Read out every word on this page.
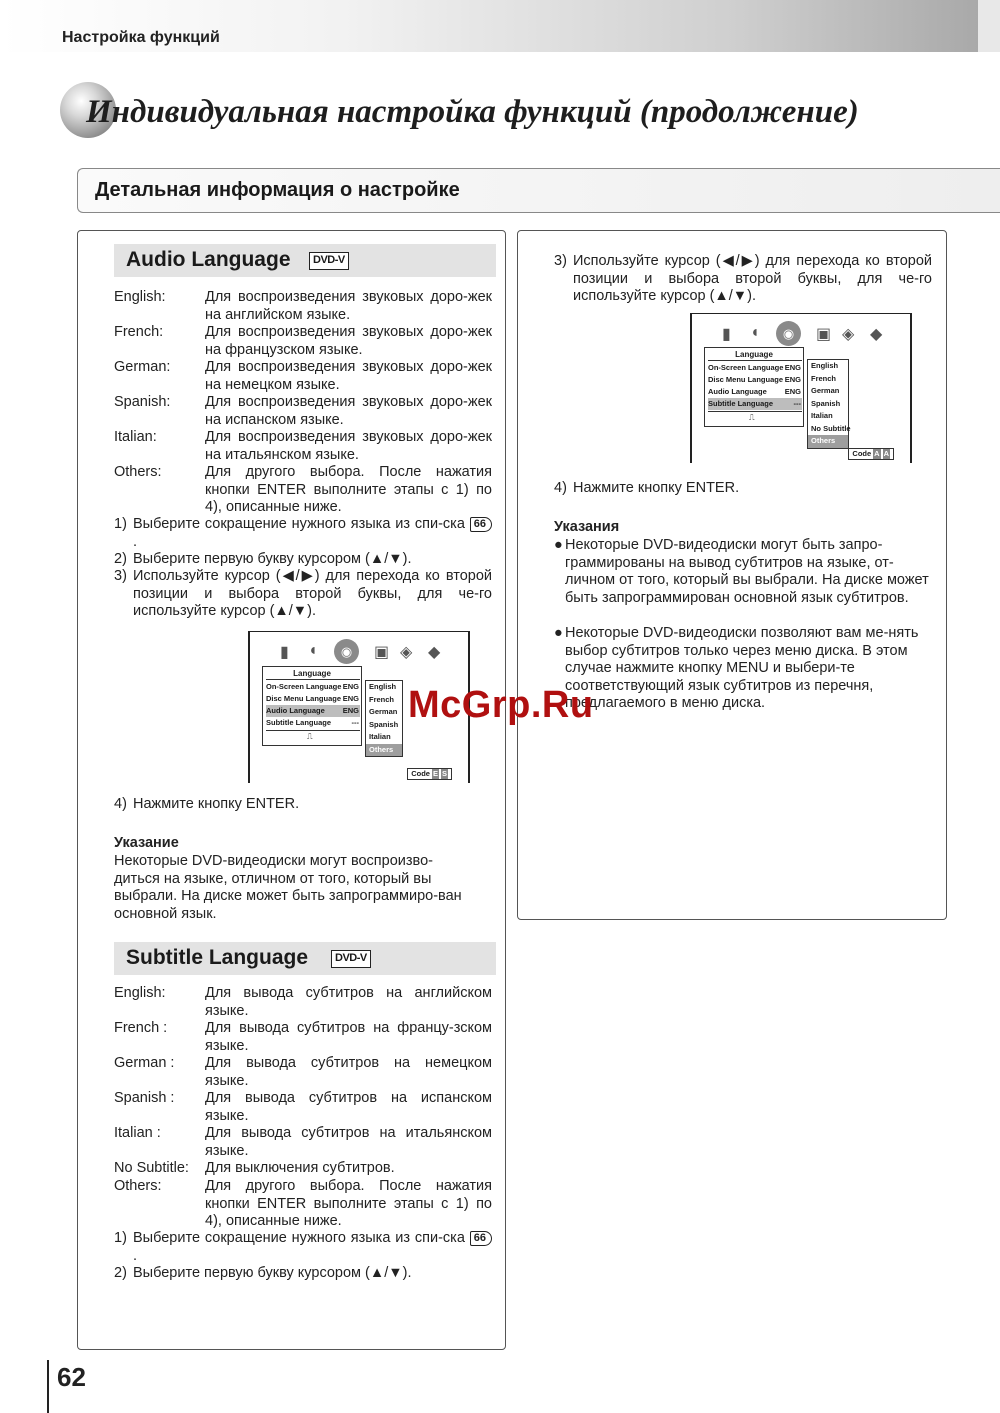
Настройка функций
Индивидуальная настройка функций (продолжение)
Детальная информация о настройке
Audio Language	DVD-V
English:	Для воспроизведения звуковых доро-жек на английском языке.
French:	Для воспроизведения звуковых доро-жек на французском языке.
German: Для воспроизведения звуковых доро-жек на немецком языке.
Spanish: Для воспроизведения звуковых доро-жек на испанском языке.
Italian:	Для воспроизведения звуковых доро-жек на итальянском языке.
Others:	Для другого выбора. После нажатия кнопки ENTER выполните этапы с 1) по 4), описанные ниже.
1) Выберите сокращение нужного языка из спи-ска 66 .
2) Выберите первую букву курсором (▲/▼).
3) Используйте курсор (◀/▶) для перехода ко второй позиции и выбора второй буквы, для че-го используйте курсор (▲/▼).
▮ ◖	◉	▣ ◈ ◆
Language
On-Screen Language ENG
Disc Menu Language ENG
Audio Language ENG
Subtitle Language	---
⎍
English
French
German
Spanish
Italian
Others
Code E S
4) Нажмите кнопку ENTER.
Указание
Некоторые DVD-видеодиски могут воспроизво-диться на языке, отличном от того, который вы выбрали. На диске может быть запрограммиро-ван основной язык.
Subtitle Language	DVD-V
English:	Для вывода субтитров на английском языке.
French :	Для вывода субтитров на францу-зском языке.
German : Для вывода субтитров на немецком языке.
Spanish : Для вывода субтитров на испанском языке.
Italian :	Для вывода субтитров на итальянском языке.
No Subtitle: Для выключения субтитров.
Others:	Для другого выбора. После нажатия кнопки ENTER выполните этапы с 1) по 4), описанные ниже.
1) Выберите сокращение нужного языка из спи-ска 66 .
2) Выберите первую букву курсором (▲/▼).
3) Используйте курсор (◀/▶) для перехода ко второй позиции и выбора второй буквы, для че-го используйте курсор (▲/▼).
▮ ◖	◉	▣ ◈ ◆
Language
On-Screen Language ENG
Disc Menu Language ENG
Audio Language ENG
Subtitle Language	---
⎍
English
French
German
Spanish
Italian
No Subtitle
Others
Code A A
4) Нажмите кнопку ENTER.
Указания
● Некоторые DVD-видеодиски могут быть запро-граммированы на вывод субтитров на языке, от-личном от того, который вы выбрали. На диске может быть запрограммирован основной язык субтитров.
● Некоторые DVD-видеодиски позволяют вам ме-нять выбор субтитров только через меню диска. В этом случае нажмите кнопку MENU и выбери-те соответствующий язык субтитров из перечня, предлагаемого в меню диска.
McGrp.Ru
62
